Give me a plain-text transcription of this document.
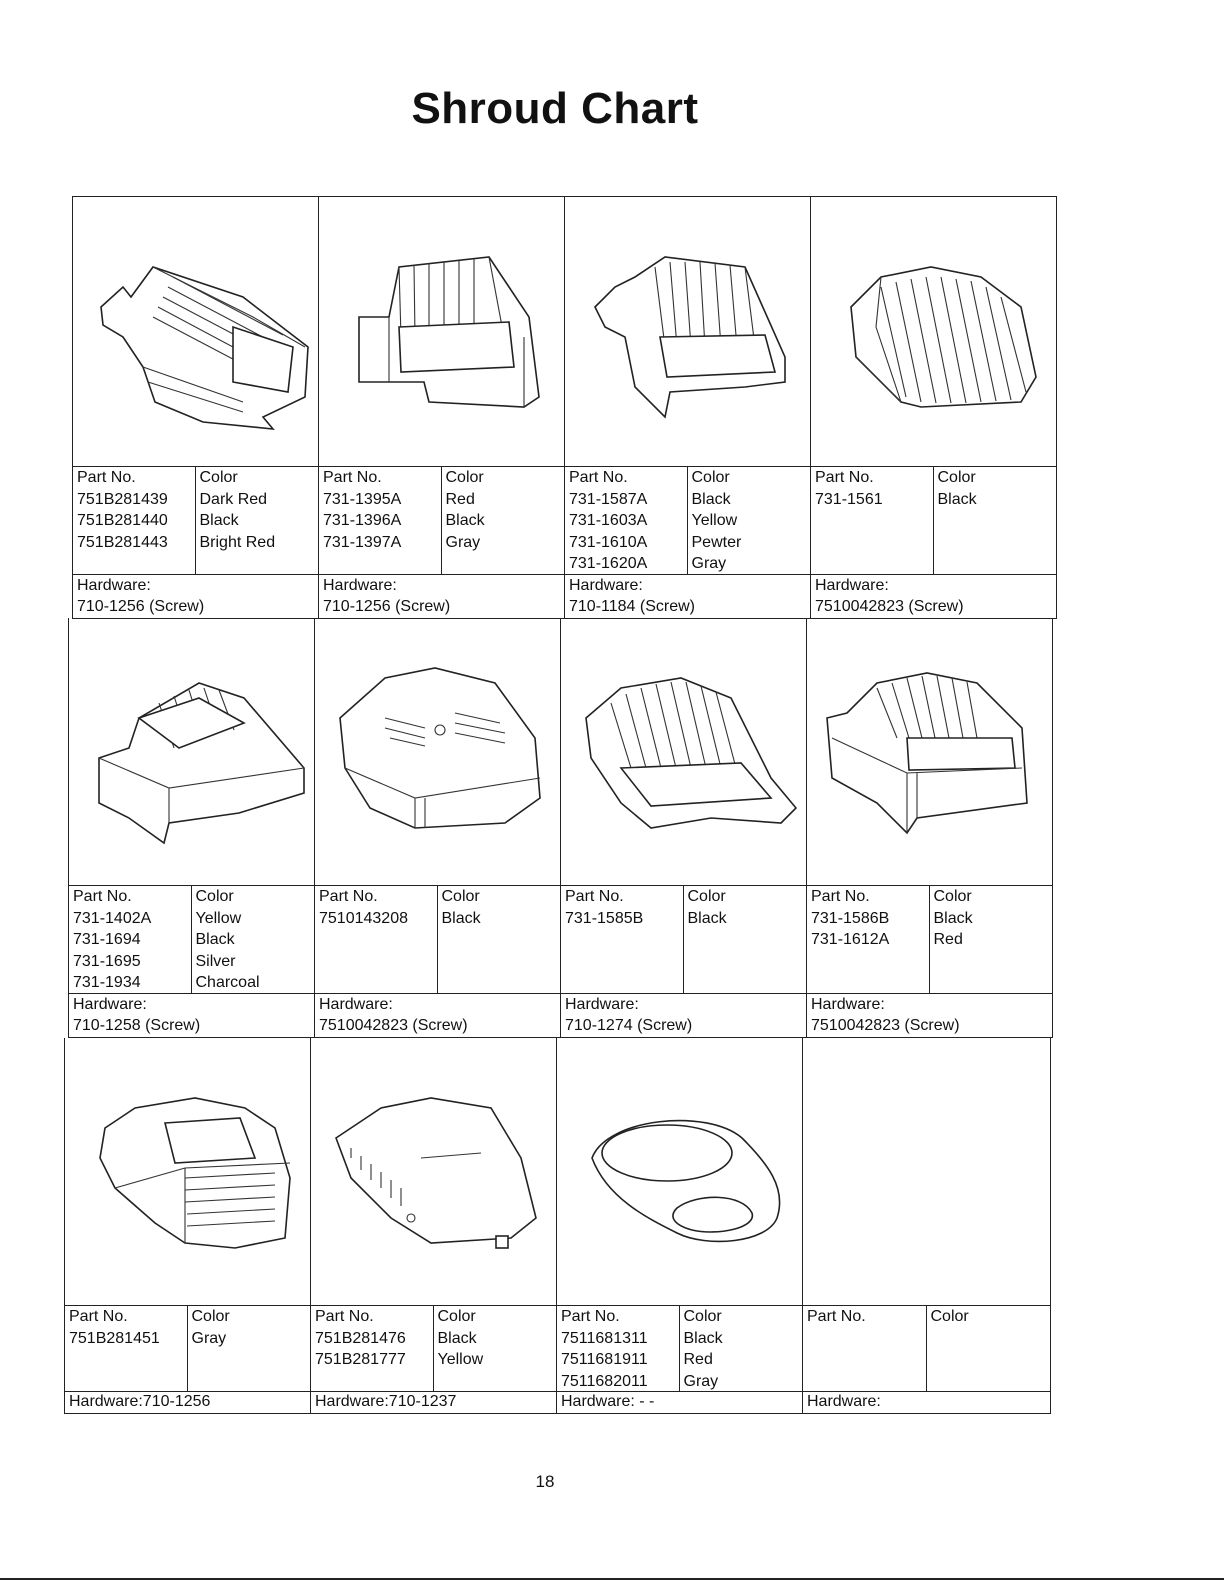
Shroud Chart
Part No.
751B281439
751B281440
751B281443
Color
Dark Red
Black
Bright Red
Hardware:
710-1256 (Screw)
Part No.
731-1395A
731-1396A
731-1397A
Color
Red
Black
Gray
Hardware:
710-1256 (Screw)
Part No.
731-1587A
731-1603A
731-1610A
731-1620A
Color
Black
Yellow
Pewter
Gray
Hardware:
710-1184 (Screw)
Part No.
731-1561
Color
Black
Hardware:
7510042823 (Screw)
Part No.
731-1402A
731-1694
731-1695
731-1934
Color
Yellow
Black
Silver
Charcoal
Hardware:
710-1258 (Screw)
Part No.
7510143208
Color
Black
Hardware:
7510042823 (Screw)
Part No.
731-1585B
Color
Black
Hardware:
710-1274 (Screw)
Part No.
731-1586B
731-1612A
Color
Black
Red
Hardware:
7510042823 (Screw)
Part No.
751B281451
Color
Gray
Hardware:710-1256
Part No.
751B281476
751B281777
Color
Black
Yellow
Hardware:710-1237
Part No.
7511681311
7511681911
7511682011
Color
Black
Red
Gray
Hardware: - -
Part No.	Color
Hardware:
18
